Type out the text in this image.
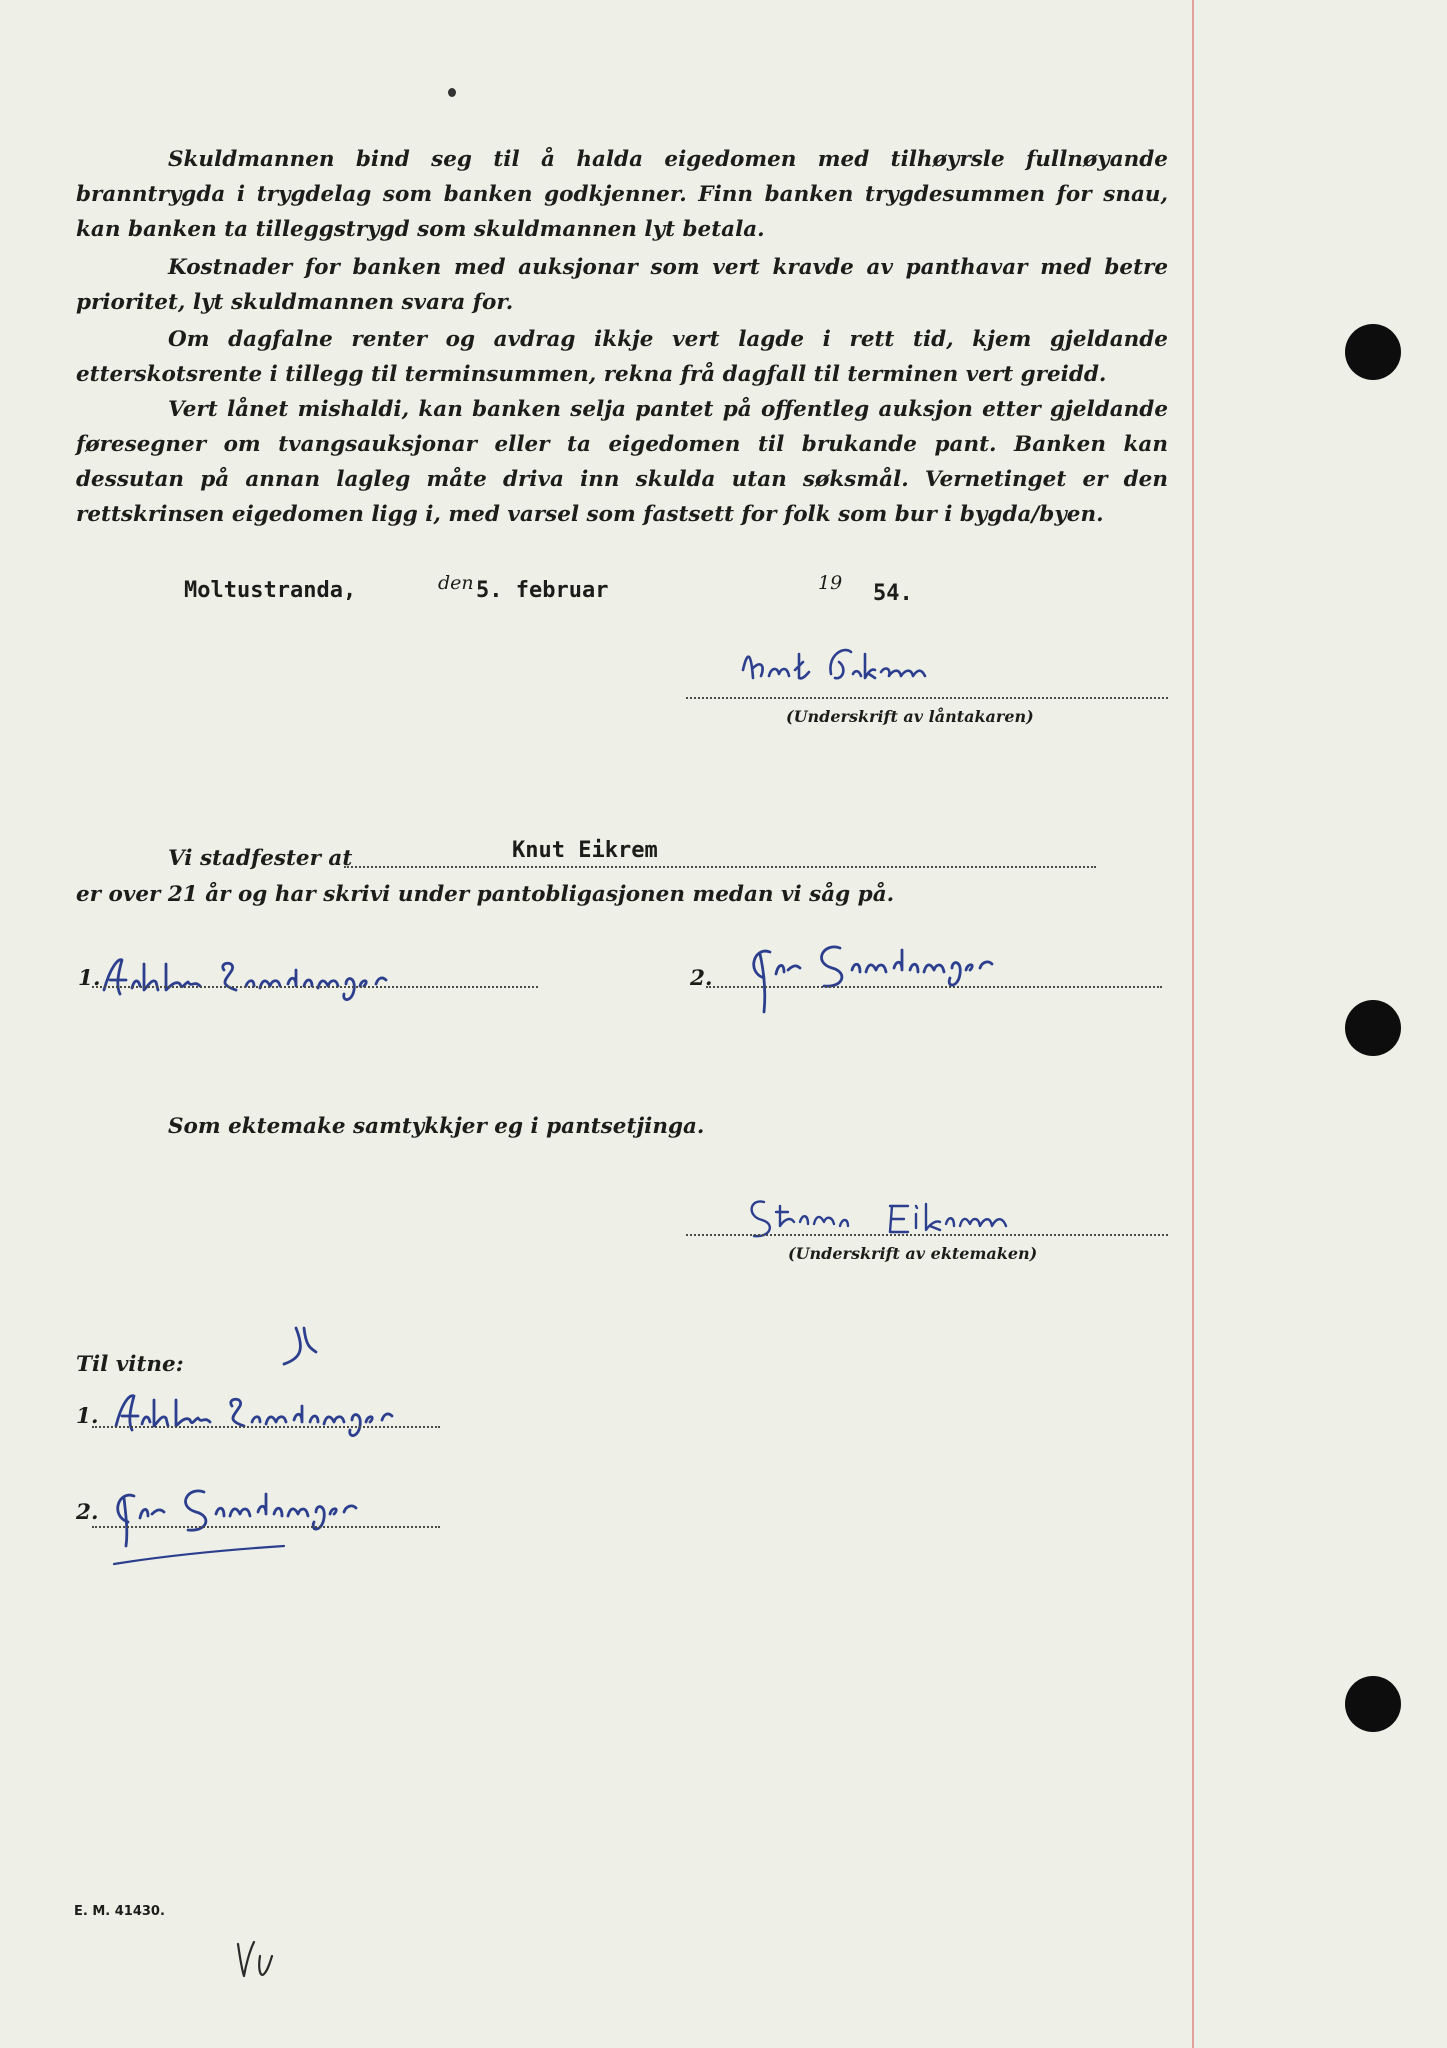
Skuldmannen bind seg til å halda eigedomen med tilhøyrsle fullnøyande branntrygda i trygdelag som banken godkjenner. Finn banken trygdesummen for snau, kan banken ta tilleggstrygd som skuldmannen lyt betala.

Kostnader for banken med auksjonar som vert kravde av panthavar med betre prioritet, lyt skuldmannen svara for.

Om dagfalne renter og avdrag ikkje vert lagde i rett tid, kjem gjeldande etterskotsrente i tillegg til terminsummen, rekna frå dagfall til terminen vert greidd.

Vert lånet mishaldi, kan banken selja pantet på offentleg auksjon etter gjeldande føresegner om tvangsauksjonar eller ta eigedomen til brukande pant. Banken kan dessutan på annan lagleg måte driva inn skulda utan søksmål. Vernetinget er den rettskrinsen eigedomen ligg i, med varsel som fastsett for folk som bur i bygda/byen.

Moltustranda,	den 5. februar	19 54.
(Underskrift av låntakaren)
Vi stadfester at	Knut Eikrem
er over 21 år og har skrivi under pantobligasjonen medan vi såg på.
1.	2.
Som ektemake samtykkjer eg i pantsetjinga.
(Underskrift av ektemaken)
Til vitne:
1.
2.
E. M. 41430.
